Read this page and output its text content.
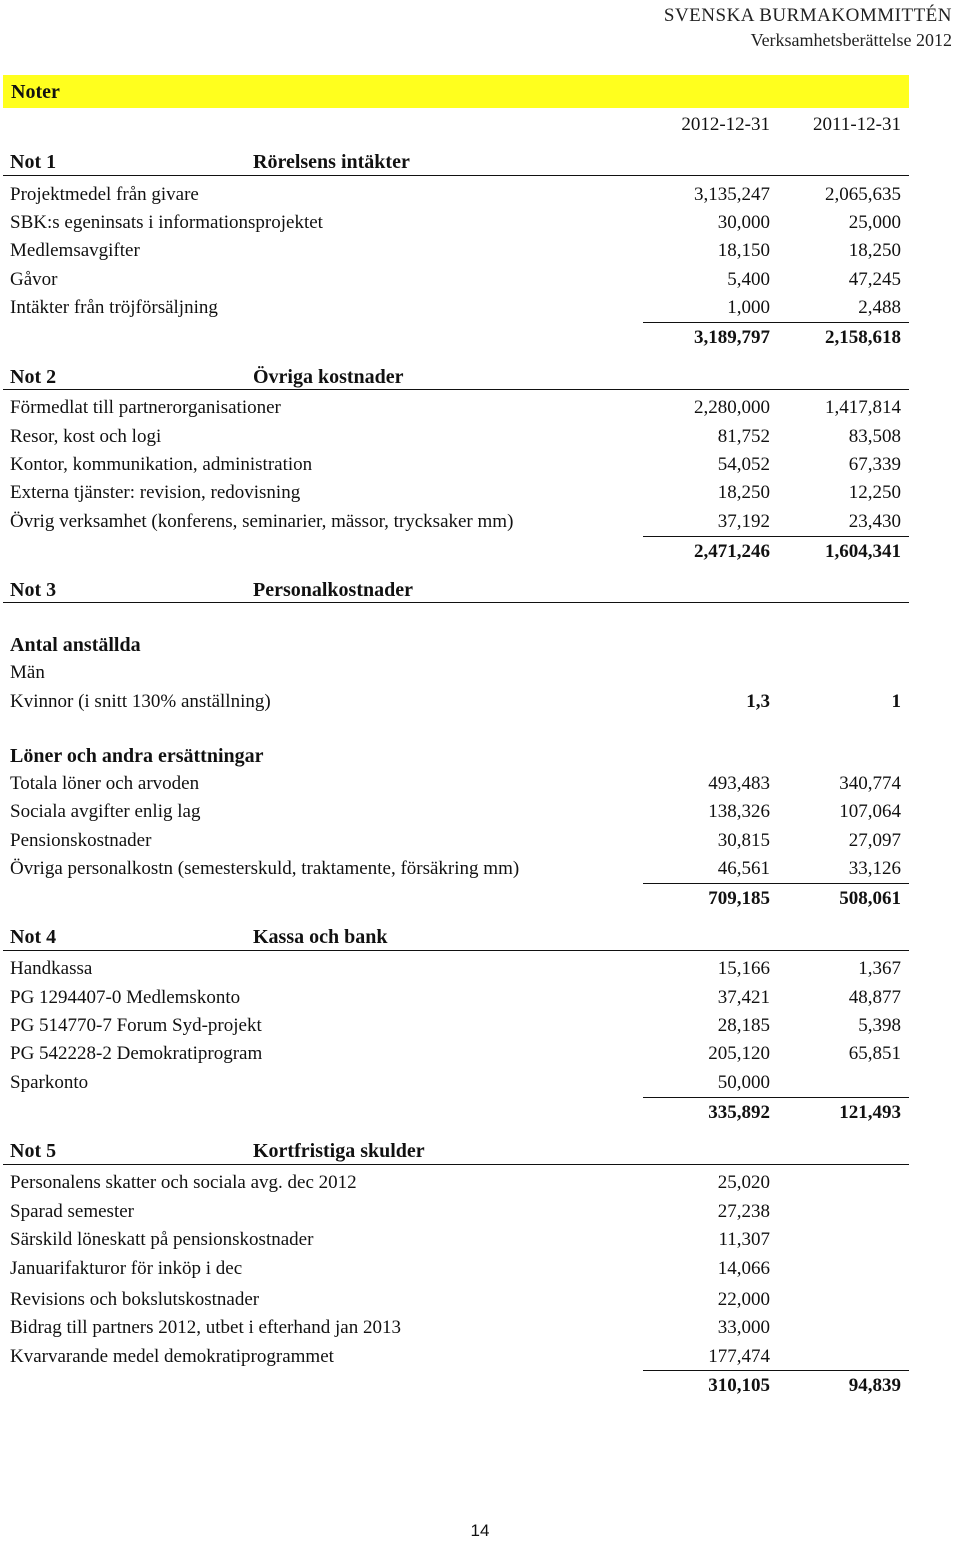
SVENSKA BURMAKOMMITTÉN
Verksamhetsberättelse 2012
Noter
2012-12-31 2011-12-31
Not 1	Rörelsens intäkter
Projektmedel från givare	3,135,247	2,065,635
SBK:s egeninsats i informationsprojektet	30,000	25,000
Medlemsavgifter	18,150	18,250
Gåvor	5,400	47,245
Intäkter från tröjförsäljning	1,000	2,488
3,189,797	2,158,618
Not 2	Övriga kostnader
Förmedlat till partnerorganisationer	2,280,000	1,417,814
Resor, kost och logi	81,752	83,508
Kontor, kommunikation, administration	54,052	67,339
Externa tjänster: revision, redovisning	18,250	12,250
Övrig verksamhet (konferens, seminarier, mässor, trycksaker mm)	37,192	23,430
2,471,246	1,604,341
Not 3	Personalkostnader
Antal anställda
Män
Kvinnor (i snitt 130% anställning)	1,3	1
Löner och andra ersättningar
Totala löner och arvoden	493,483	340,774
Sociala avgifter enlig lag	138,326	107,064
Pensionskostnader	30,815	27,097
Övriga personalkostn (semesterskuld, traktamente, försäkring mm)	46,561	33,126
709,185	508,061
Not 4	Kassa och bank
Handkassa	15,166	1,367
PG 1294407-0 Medlemskonto	37,421	48,877
PG 514770-7 Forum Syd-projekt	28,185	5,398
PG 542228-2 Demokratiprogram	205,120	65,851
Sparkonto	50,000
335,892	121,493
Not 5	Kortfristiga skulder
Personalens skatter och sociala avg. dec 2012	25,020
Sparad semester	27,238
Särskild löneskatt på pensionskostnader	11,307
Januarifakturor för inköp i dec	14,066
Revisions och bokslutskostnader	22,000
Bidrag till partners 2012, utbet i efterhand jan 2013	33,000
Kvarvarande medel demokratiprogrammet	177,474
310,105	94,839
14
